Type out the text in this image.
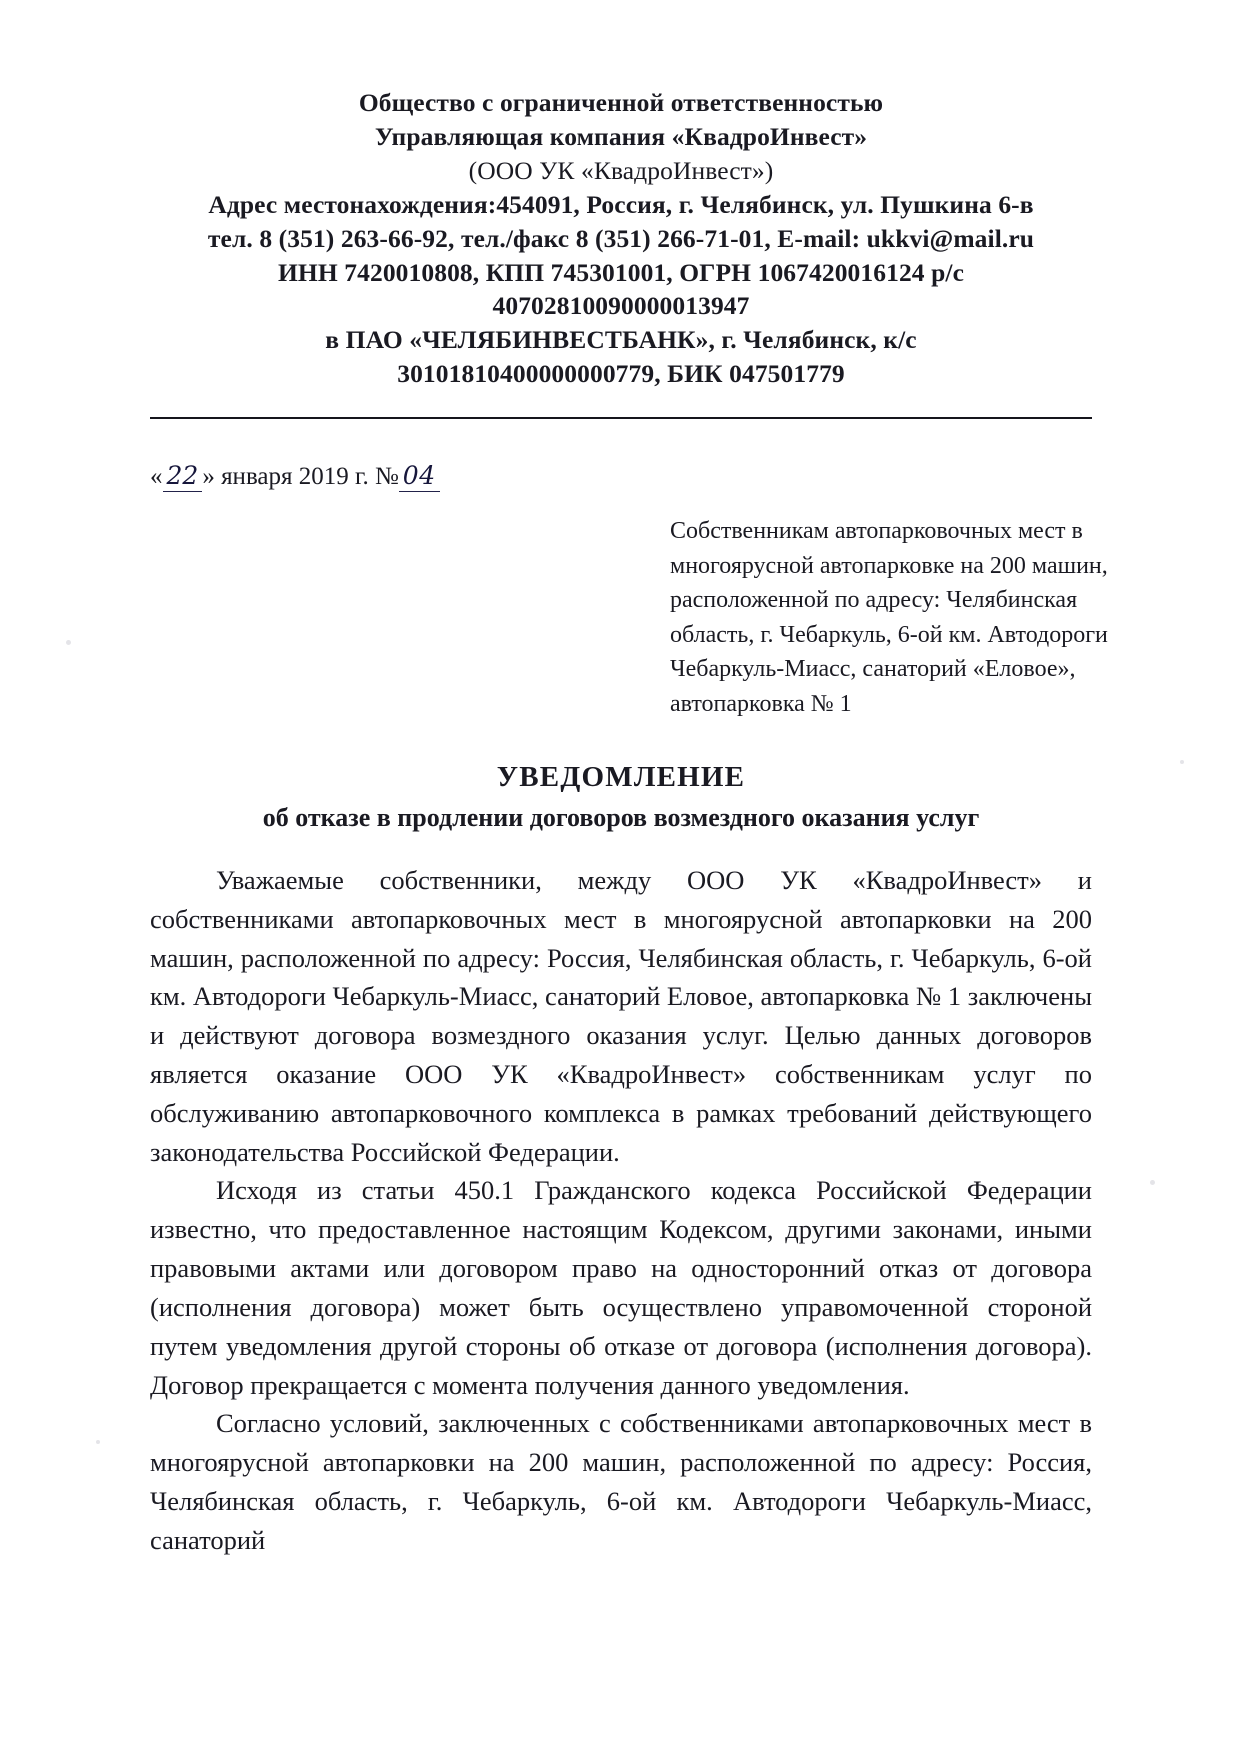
Общество с ограниченной ответственностью
Управляющая компания «КвадроИнвест»
(ООО УК «КвадроИнвест»)
Адрес местонахождения:454091, Россия, г. Челябинск, ул. Пушкина 6-в
тел. 8 (351) 263-66-92, тел./факс 8 (351) 266-71-01, E-mail: ukkvi@mail.ru
ИНН 7420010808, КПП 745301001, ОГРН 1067420016124 р/с
40702810090000013947
в ПАО «ЧЕЛЯБИНВЕСТБАНК», г. Челябинск, к/с
30101810400000000779, БИК 047501779
« 22 » января 2019 г. № 04

Собственникам автопарковочных мест в

многоярусной автопарковке на 200 машин,

расположенной по адресу: Челябинская

область, г. Чебаркуль, 6-ой км. Автодороги

Чебаркуль-Миасс, санаторий «Еловое»,

автопарковка № 1

УВЕДОМЛЕНИЕ
об отказе в продлении договоров возмездного оказания услуг

Уважаемые собственники, между ООО УК «КвадроИнвест» и собственниками автопарковочных мест в многоярусной автопарковки на 200 машин, расположенной по адресу: Россия, Челябинская область, г. Чебаркуль, 6-ой км. Автодороги Чебаркуль-Миасс, санаторий Еловое, автопарковка № 1 заключены и действуют договора возмездного оказания услуг. Целью данных договоров является оказание ООО УК «КвадроИнвест» собственникам услуг по обслуживанию автопарковочного комплекса в рамках требований действующего законодательства Российской Федерации.

Исходя из статьи 450.1 Гражданского кодекса Российской Федерации известно, что предоставленное настоящим Кодексом, другими законами, иными правовыми актами или договором право на односторонний отказ от договора (исполнения договора) может быть осуществлено управомоченной стороной путем уведомления другой стороны об отказе от договора (исполнения договора). Договор прекращается с момента получения данного уведомления.

Согласно условий, заключенных с собственниками автопарковочных мест в многоярусной автопарковки на 200 машин, расположенной по адресу: Россия, Челябинская область, г. Чебаркуль, 6-ой км. Автодороги Чебаркуль-Миасс, санаторий
